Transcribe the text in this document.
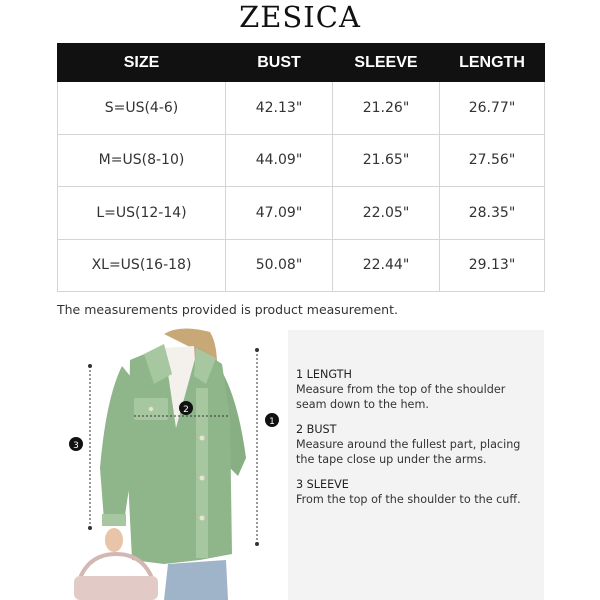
ZESICA
SIZE	BUST	SLEEVE	LENGTH
S=US(4-6)	42.13"	21.26"	26.77"
M=US(8-10)	44.09"	21.65"	27.56"
L=US(12-14)	47.09"	22.05"	28.35"
XL=US(16-18)	50.08"	22.44"	29.13"
The measurements provided is product measurement.
3
2
1
1 LENGTH
Measure from the top of the shoulder
seam down to the hem.
2 BUST
Measure around the fullest part, placing
the tape close up under the arms.
3 SLEEVE
From the top of the shoulder to the cuff.
